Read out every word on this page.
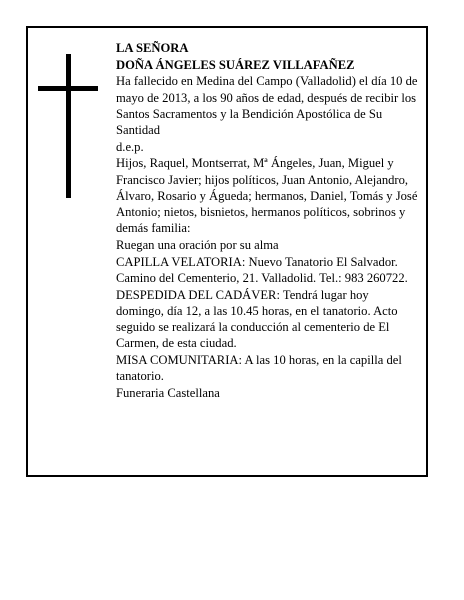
LA SEÑORA

DOÑA ÁNGELES SUÁREZ VILLAFAÑEZ

Ha fallecido en Medina del Campo (Valladolid) el día 10 de mayo de 2013, a los 90 años de edad, después de recibir los Santos Sacramentos y la Bendición Apostólica de Su Santidad

d.e.p.

Hijos, Raquel, Montserrat, Mª Ángeles, Juan, Miguel y Francisco Javier; hijos políticos, Juan Antonio, Alejandro, Álvaro, Rosario y Águeda; hermanos, Daniel, Tomás y José Antonio; nietos, bisnietos, hermanos políticos, sobrinos y demás familia:

Ruegan una oración por su alma

CAPILLA VELATORIA: Nuevo Tanatorio El Salvador. Camino del Cementerio, 21. Valladolid. Tel.: 983 260722.

DESPEDIDA DEL CADÁVER: Tendrá lugar hoy domingo, día 12, a las 10.45 horas, en el tanatorio. Acto seguido se realizará la conducción al cementerio de El Carmen, de esta ciudad.

MISA COMUNITARIA: A las 10 horas, en la capilla del tanatorio.

Funeraria Castellana
